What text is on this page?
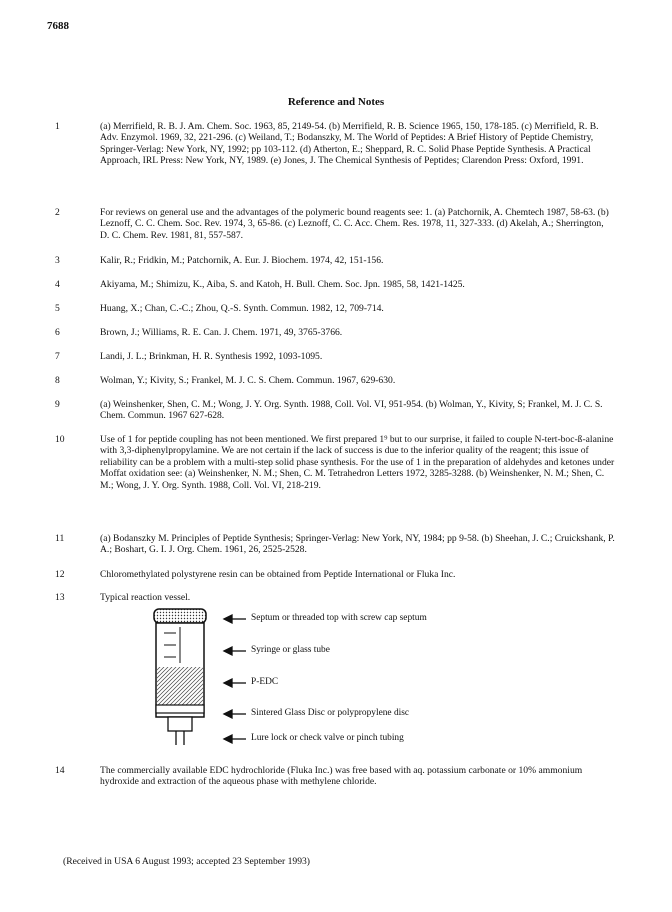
7688
Reference and Notes
1	(a) Merrifield, R. B. J. Am. Chem. Soc. 1963, 85, 2149-54. (b) Merrifield, R. B. Science 1965, 150, 178-185. (c) Merrifield, R. B. Adv. Enzymol. 1969, 32, 221-296. (c) Weiland, T.; Bodanszky, M. The World of Peptides: A Brief History of Peptide Chemistry, Springer-Verlag: New York, NY, 1992; pp 103-112. (d) Atherton, E.; Sheppard, R. C. Solid Phase Peptide Synthesis. A Practical Approach, IRL Press: New York, NY, 1989. (e) Jones, J. The Chemical Synthesis of Peptides; Clarendon Press: Oxford, 1991.
2	For reviews on general use and the advantages of the polymeric bound reagents see: 1. (a) Patchornik, A. Chemtech 1987, 58-63. (b) Leznoff, C. C. Chem. Soc. Rev. 1974, 3, 65-86. (c) Leznoff, C. C. Acc. Chem. Res. 1978, 11, 327-333. (d) Akelah, A.; Sherrington, D. C. Chem. Rev. 1981, 81, 557-587.
3	Kalir, R.; Fridkin, M.; Patchornik, A. Eur. J. Biochem. 1974, 42, 151-156.
4	Akiyama, M.; Shimizu, K., Aiba, S. and Katoh, H. Bull. Chem. Soc. Jpn. 1985, 58, 1421-1425.
5	Huang, X.; Chan, C.-C.; Zhou, Q.-S. Synth. Commun. 1982, 12, 709-714.
6	Brown, J.; Williams, R. E. Can. J. Chem. 1971, 49, 3765-3766.
7	Landi, J. L.; Brinkman, H. R. Synthesis 1992, 1093-1095.
8	Wolman, Y.; Kivity, S.; Frankel, M. J. C. S. Chem. Commun. 1967, 629-630.
9	(a) Weinshenker, Shen, C. M.; Wong, J. Y. Org. Synth. 1988, Coll. Vol. VI, 951-954. (b) Wolman, Y., Kivity, S; Frankel, M. J. C. S. Chem. Commun. 1967 627-628.
10	Use of 1 for peptide coupling has not been mentioned. We first prepared 1⁹ but to our surprise, it failed to couple N-tert-boc-ß-alanine with 3,3-diphenylpropylamine. We are not certain if the lack of success is due to the inferior quality of the reagent; this issue of reliability can be a problem with a multi-step solid phase synthesis. For the use of 1 in the preparation of aldehydes and ketones under Moffat oxidation see: (a) Weinshenker, N. M.; Shen, C. M. Tetrahedron Letters 1972, 3285-3288. (b) Weinshenker, N. M.; Shen, C. M.; Wong, J. Y. Org. Synth. 1988, Coll. Vol. VI, 218-219.
11	(a) Bodanszky M. Principles of Peptide Synthesis; Springer-Verlag: New York, NY, 1984; pp 9-58. (b) Sheehan, J. C.; Cruickshank, P. A.; Boshart, G. I. J. Org. Chem. 1961, 26, 2525-2528.
12	Chloromethylated polystyrene resin can be obtained from Peptide International or Fluka Inc.
13	Typical reaction vessel.
Septum or threaded top with screw cap septum
Syringe or glass tube
P-EDC
Sintered Glass Disc or polypropylene disc
Lure lock or check valve or pinch tubing
14	The commercially available EDC hydrochloride (Fluka Inc.) was free based with aq. potassium carbonate or 10% ammonium hydroxide and extraction of the aqueous phase with methylene chloride.
(Received in USA 6 August 1993; accepted 23 September 1993)
